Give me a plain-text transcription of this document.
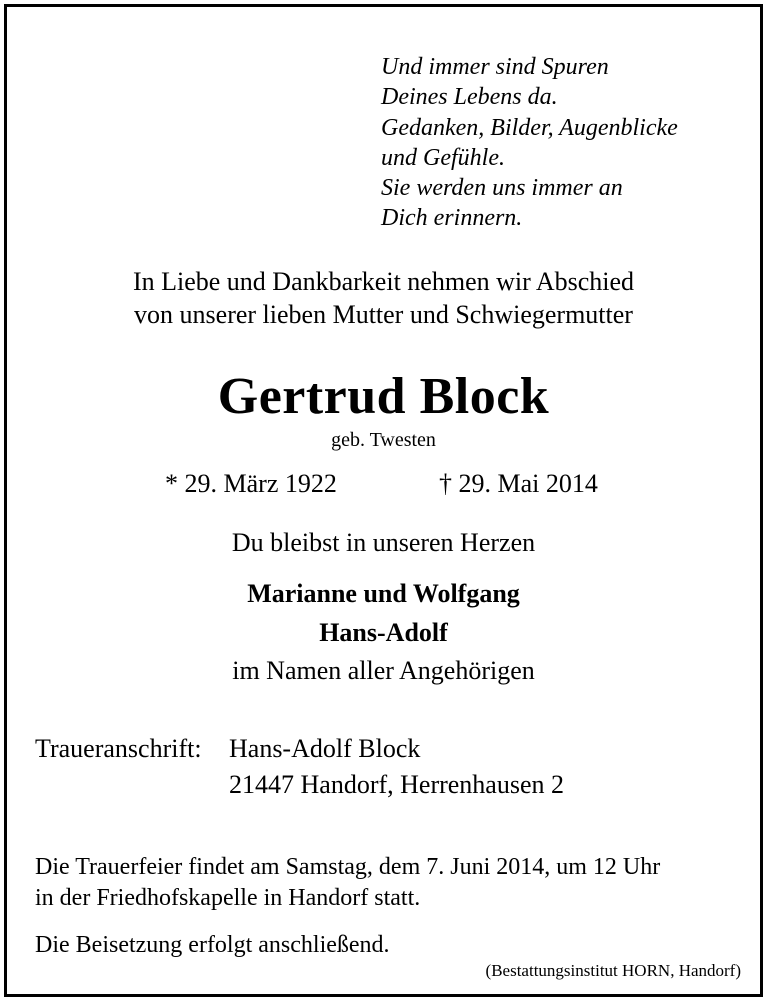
Und immer sind Spuren
Deines Lebens da.
Gedanken, Bilder, Augenblicke
und Gefühle.
Sie werden uns immer an
Dich erinnern.
In Liebe und Dankbarkeit nehmen wir Abschied
von unserer lieben Mutter und Schwiegermutter
Gertrud Block
geb. Twesten
* 29. März 1922	† 29. Mai 2014
Du bleibst in unseren Herzen
Marianne und Wolfgang
Hans-Adolf
im Namen aller Angehörigen
Traueranschrift: Hans-Adolf Block
21447 Handorf, Herrenhausen 2
Die Trauerfeier findet am Samstag, dem 7. Juni 2014, um 12 Uhr
in der Friedhofskapelle in Handorf statt.
Die Beisetzung erfolgt anschließend.
(Bestattungsinstitut HORN, Handorf)
